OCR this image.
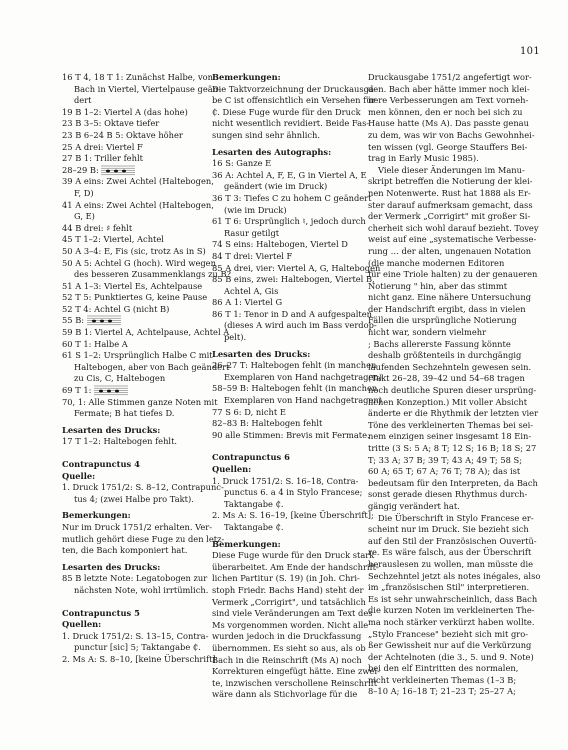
101
16 T 4, 18 T 1: Zunächst Halbe, von
Bach in Viertel, Viertelpause geän-
dert
19 B 1–2: Viertel A (das hohe)
23 B 3–5: Oktave tiefer
23 B 6–24 B 5: Oktave höher
25 A drei: Viertel F
27 B 1: Triller fehlt
28–29 B:
39 A eins: Zwei Achtel (Haltebogen,
F, D)
41 A eins: Zwei Achtel (Haltebogen,
G, E)
44 B drei: ♯ fehlt
45 T 1–2: Viertel, Achtel
50 A 3–4: E, Fis (sic, trotz As in S)
50 A 5: Achtel G (hoch). Wird wegen
des besseren Zusammenklangs zu B?
51 A 1–3: Viertel Es, Achtelpause
52 T 5: Punktiertes G, keine Pause
52 T 4: Achtel G (nicht B)
55 B:
59 B 1: Viertel A, Achtelpause, Achtel A
60 T 1: Halbe A
61 S 1–2: Ursprünglich Halbe C mit
Haltebogen, aber von Bach geändert
zu Cis, C, Haltebogen
69 T 1:
70, 1: Alle Stimmen ganze Noten mit
Fermate; B hat tiefes D.
Lesarten des Drucks:
17 T 1–2: Haltebogen fehlt.
Contrapunctus 4
Quelle:
1. Druck 1751/2: S. 8–12, Contrapunc-
tus 4; (zwei Halbe pro Takt).
Bemerkungen:
Nur im Druck 1751/2 erhalten. Ver-
mutlich gehört diese Fuge zu den letz-
ten, die Bach komponiert hat.
Lesarten des Drucks:
85 B letzte Note: Legatobogen zur
nächsten Note, wohl irrtümlich.
Contrapunctus 5
Quellen:
1. Druck 1751/2: S. 13–15, Contra-
punctur [sic] 5; Taktangabe ₵.
2. Ms A: S. 8–10, [keine Überschrift].
Bemerkungen:
Die Taktvorzeichnung der Druckausga-
be C ist offensichtlich ein Versehen für
₵. Diese Fuge wurde für den Druck
nicht wesentlich revidiert. Beide Fas-
sungen sind sehr ähnlich.
Lesarten des Autographs:
16 S: Ganze E
36 A: Achtel A, F, E, G in Viertel A, E
geändert (wie im Druck)
36 T 3: Tiefes C zu hohem C geändert
(wie im Druck)
61 T 6: Ursprünglich ♮, jedoch durch
Rasur getilgt
74 S eins: Haltebogen, Viertel D
84 T drei: Viertel F
85 A drei, vier: Viertel A, G, Haltebogen
85 B eins, zwei: Haltebogen, Viertel B,
Achtel A, Gis
86 A 1: Viertel G
86 T 1: Tenor in D and A aufgespalten
(dieses A wird auch im Bass verdop-
pelt).
Lesarten des Drucks:
26–27 T: Haltebogen fehlt (in manchen
Exemplaren von Hand nachgetragen)
58–59 B: Haltebogen fehlt (in manchen
Exemplaren von Hand nachgetragen)
77 S 6: D, nicht E
82–83 B: Haltebogen fehlt
90 alle Stimmen: Brevis mit Fermate.
Contrapunctus 6
Quellen:
1. Druck 1751/2: S. 16–18, Contra-
punctus 6. a 4 in Stylo Francese;
Taktangabe ₵.
2. Ms A: S. 16–19, [keine Überschrift];
Taktangabe ₵.
Bemerkungen:
Diese Fuge wurde für den Druck stark
überarbeitet. Am Ende der handschrift-
lichen Partitur (S. 19) (in Joh. Chri-
stoph Friedr. Bachs Hand) steht der
Vermerk „Corrigirt", und tatsächlich
sind viele Veränderungen am Text des
Ms vorgenommen worden. Nicht alle
wurden jedoch in die Druckfassung
übernommen. Es sieht so aus, als ob
Bach in die Reinschrift (Ms A) noch
Korrekturen eingefügt hätte. Eine zwei-
te, inzwischen verschollene Reinschrift
wäre dann als Stichvorlage für die
Druckausgabe 1751/2 angefertigt wor-
den. Bach aber hätte immer noch klei-
nere Verbesserungen am Text vorneh-
men können, den er noch bei sich zu
Hause hatte (Ms A). Das passte genau
zu dem, was wir von Bachs Gewohnhei-
ten wissen (vgl. George Stauffers Bei-
trag in Early Music 1985).
Viele dieser Änderungen im Manu-
skript betreffen die Notierung der klei-
nen Notenwerte. Rust hat 1888 als Er-
ster darauf aufmerksam gemacht, dass
der Vermerk „Corrigirt" mit großer Si-
cherheit sich wohl darauf bezieht. Tovey
weist auf eine „systematische Verbesse-
rung … der alten, ungenauen Notation
(die manche modernen Editoren
für eine Triole halten) zu der genaueren
Notierung " hin, aber das stimmt
nicht ganz. Eine nähere Untersuchung
der Handschrift ergibt, dass in vielen
Fällen die ursprüngliche Notierung
nicht war, sondern vielmehr
; Bachs allererste Fassung könnte
deshalb größtenteils in durchgängig
laufenden Sechzehnteln gewesen sein.
(Takt 26–28, 39–42 und 54–68 tragen
noch deutliche Spuren dieser ursprüng-
lichen Konzeption.) Mit voller Absicht
änderte er die Rhythmik der letzten vier
Töne des verkleinerten Themas bei sei-
nem einzigen seiner insgesamt 18 Ein-
tritte (3 S: 5 A; 8 T; 12 S; 16 B; 18 S; 27
T; 33 A; 37 B; 39 T; 43 A; 49 T; 58 S;
60 A; 65 T; 67 A; 76 T; 78 A); das ist
bedeutsam für den Interpreten, da Bach
sonst gerade diesen Rhythmus durch-
gängig verändert hat.
Die Überschrift in Stylo Francese er-
scheint nur im Druck. Sie bezieht sich
auf den Stil der Französischen Ouvertü-
re. Es wäre falsch, aus der Überschrift
herauslesen zu wollen, man müsste die
Sechzehntel jetzt als notes inégales, also
im „französischen Stil" interpretieren.
Es ist sehr unwahrscheinlich, dass Bach
die kurzen Noten im verkleinerten The-
ma noch stärker verkürzt haben wollte.
„Stylo Francese" bezieht sich mit gro-
ßer Gewissheit nur auf die Verkürzung
der Achtelnoten (die 3., 5. und 9. Note)
bei den elf Eintritten des normalen,
nicht verkleinerten Themas (1–3 B;
8–10 A; 16–18 T; 21–23 T; 25–27 A;
